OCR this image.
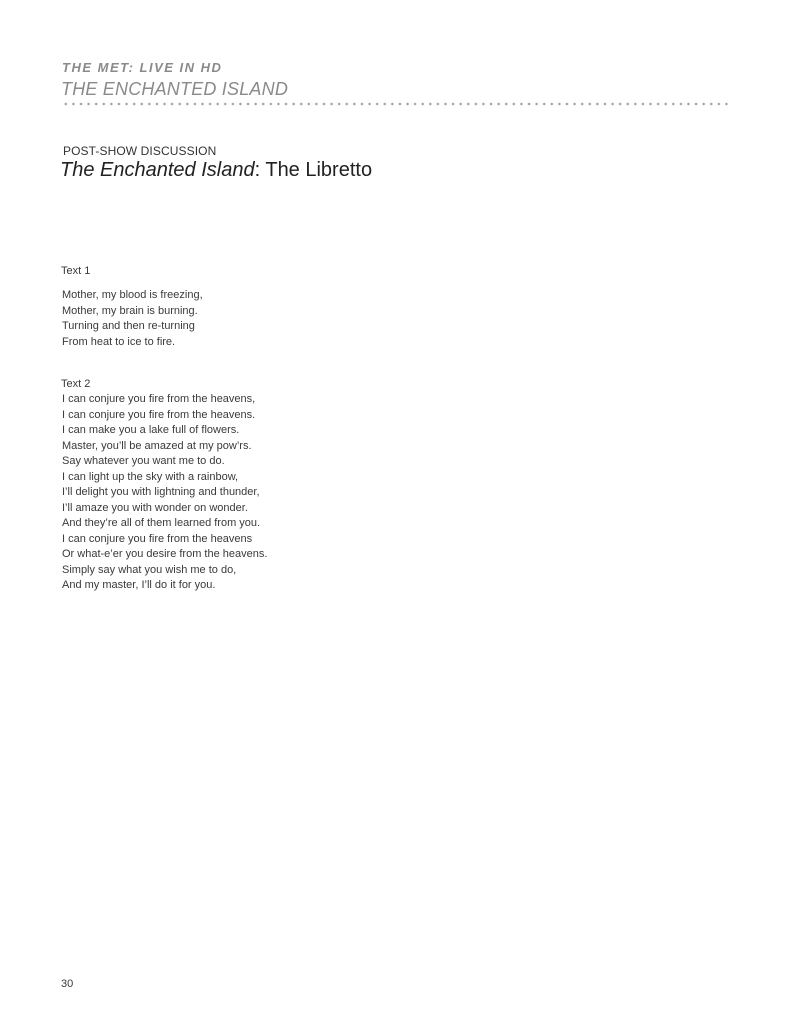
THE MET: LIVE IN HD

THE ENCHANTED ISLAND

POST-SHOW DISCUSSION

The Enchanted Island: The Libretto

Text 1

Mother, my blood is freezing,
Mother, my brain is burning.
Turning and then re-turning
From heat to ice to fire.

Text 2

I can conjure you fire from the heavens,
I can conjure you fire from the heavens.
I can make you a lake full of flowers.
Master, you’ll be amazed at my pow’rs.
Say whatever you want me to do.
I can light up the sky with a rainbow,
I’ll delight you with lightning and thunder,
I’ll amaze you with wonder on wonder.
And they’re all of them learned from you.
I can conjure you fire from the heavens
Or what-e’er you desire from the heavens.
Simply say what you wish me to do,
And my master, I’ll do it for you.
30
